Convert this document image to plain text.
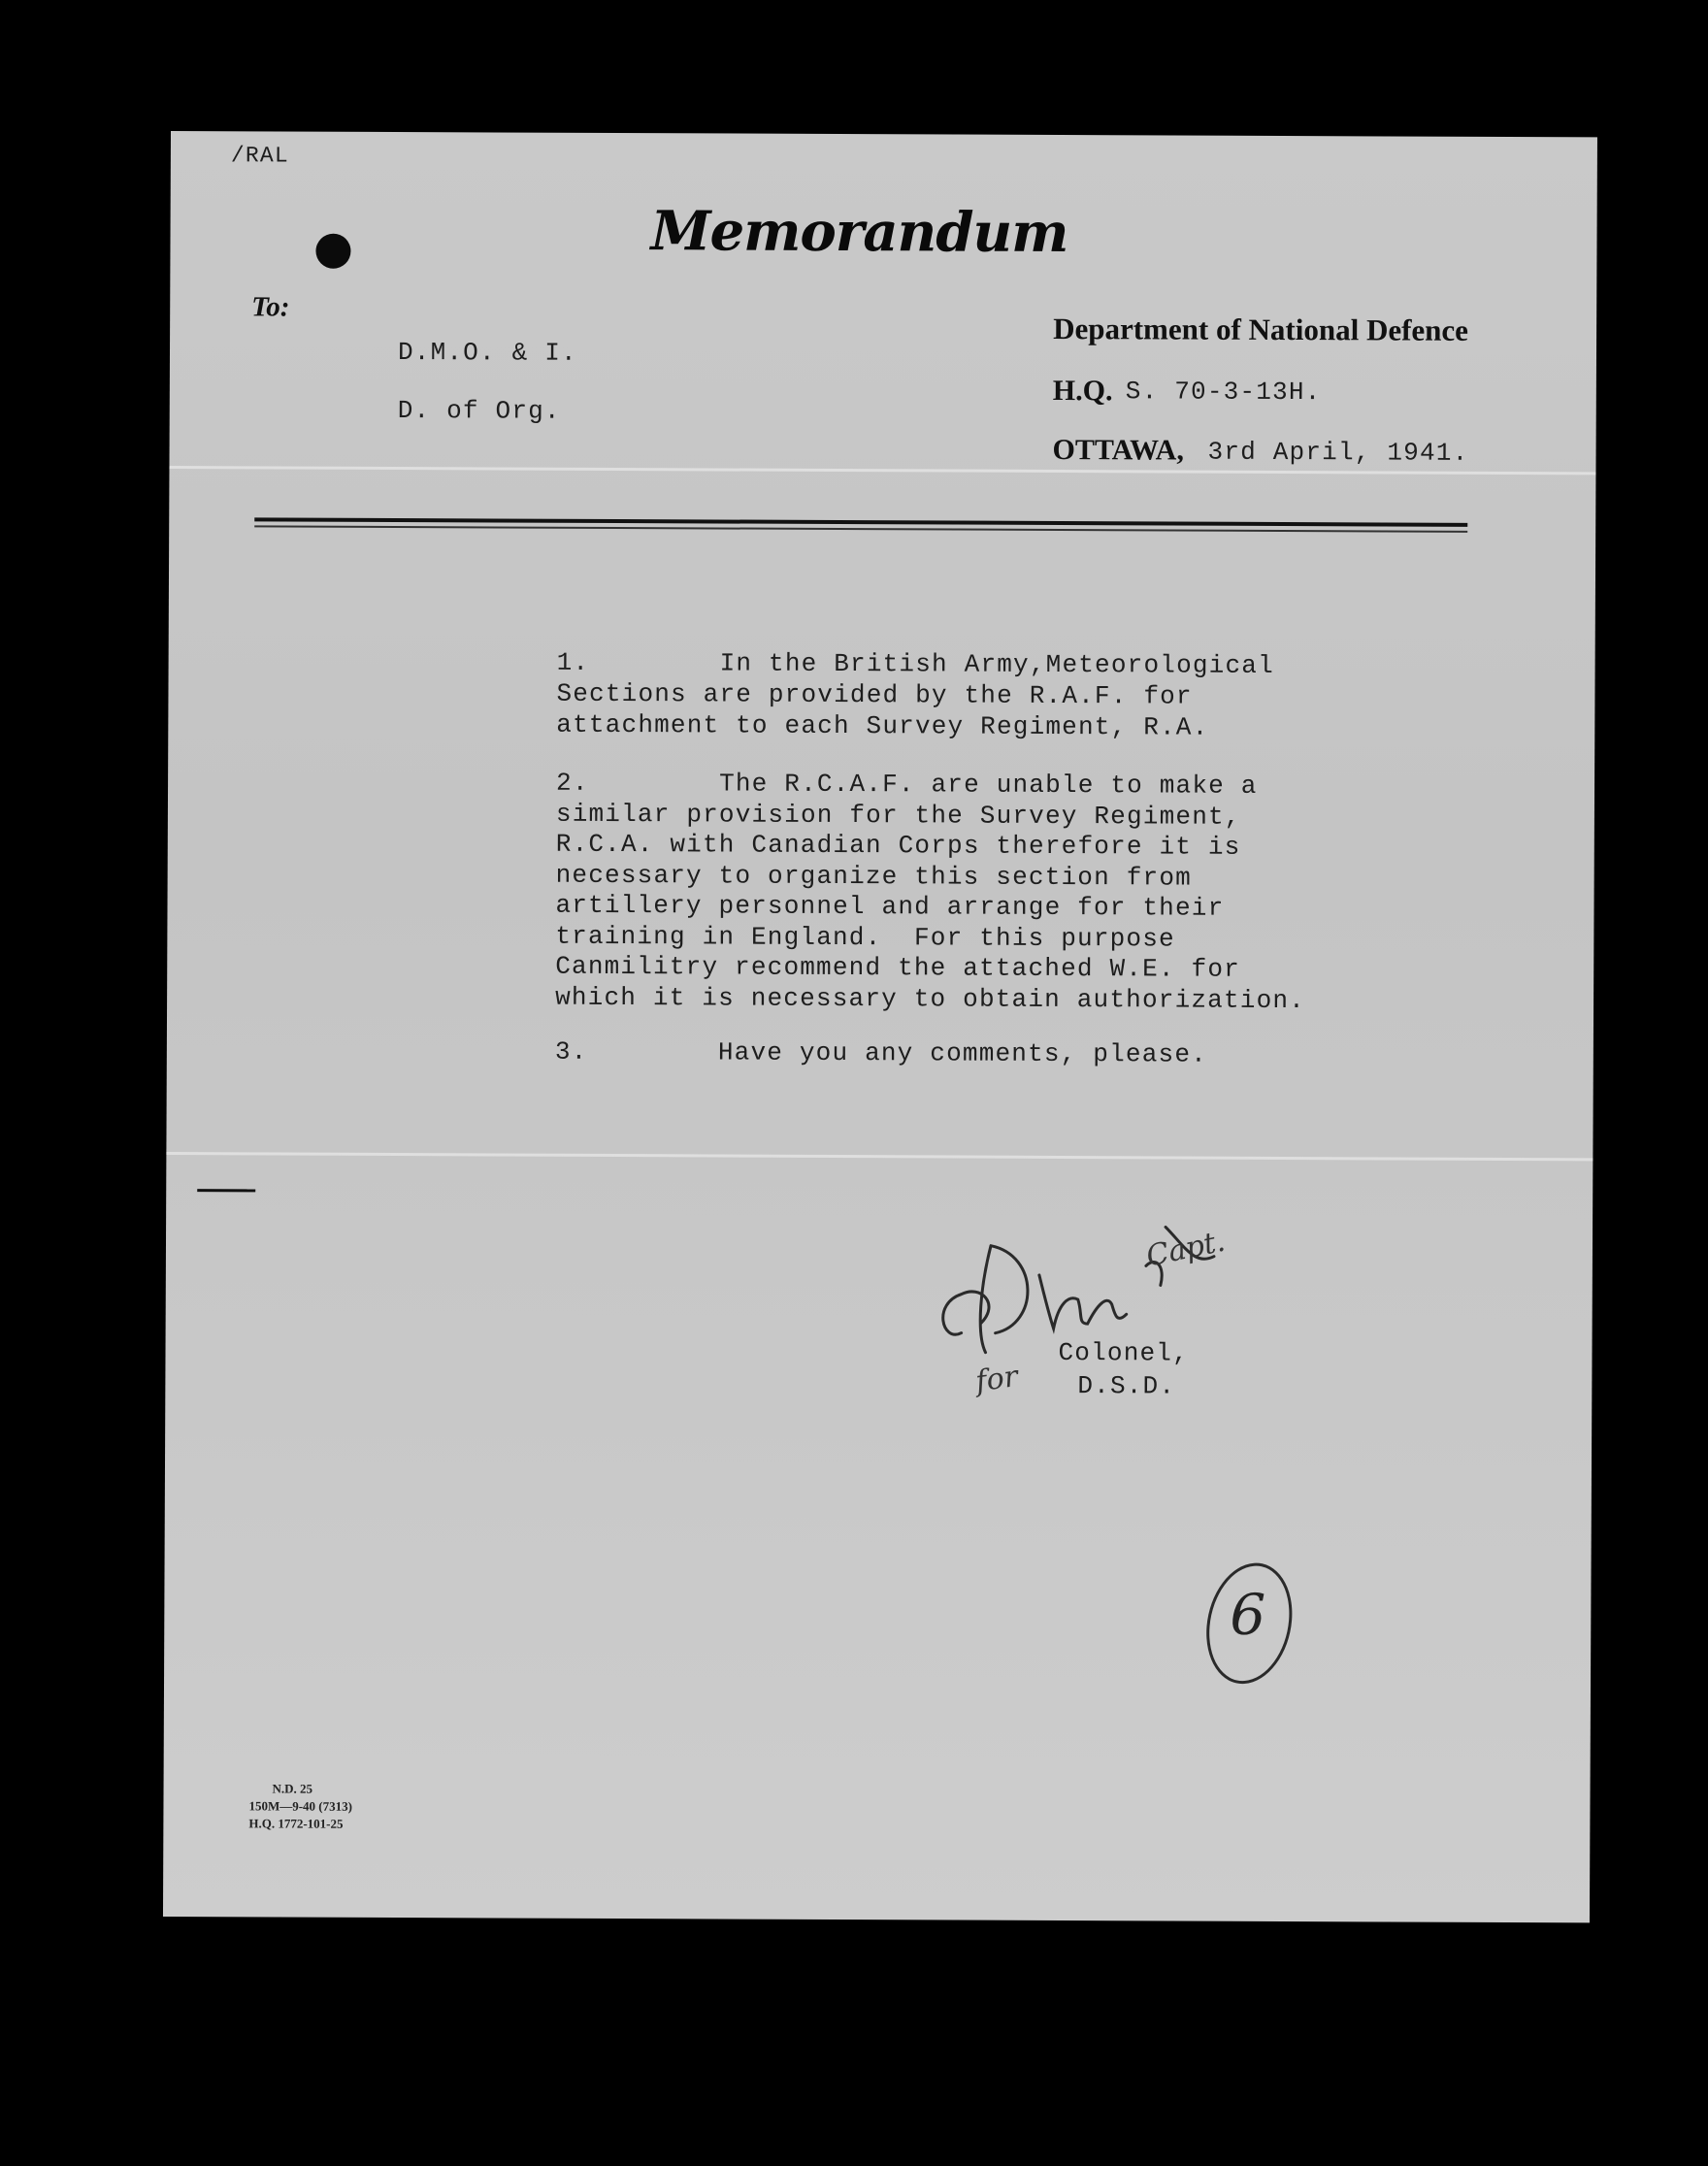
/RAL

Memorandum

To:

D.M.O. & I.

D. of Org.

Department of National Defence

H.Q. S. 70-3-13H.

OTTAWA, 3rd April, 1941.

1.        In the British Army,Meteorological
Sections are provided by the R.A.F. for
attachment to each Survey Regiment, R.A.

2.        The R.C.A.F. are unable to make a
similar provision for the Survey Regiment,
R.C.A. with Canadian Corps therefore it is
necessary to organize this section from
artillery personnel and arrange for their
training in England.  For this purpose
Canmilitry recommend the attached W.E. for
which it is necessary to obtain authorization.

3.        Have you any comments, please.

Capt.

for

Colonel,

D.S.D.

6

N.D. 25

150M—9-40 (7313)

H.Q. 1772-101-25
